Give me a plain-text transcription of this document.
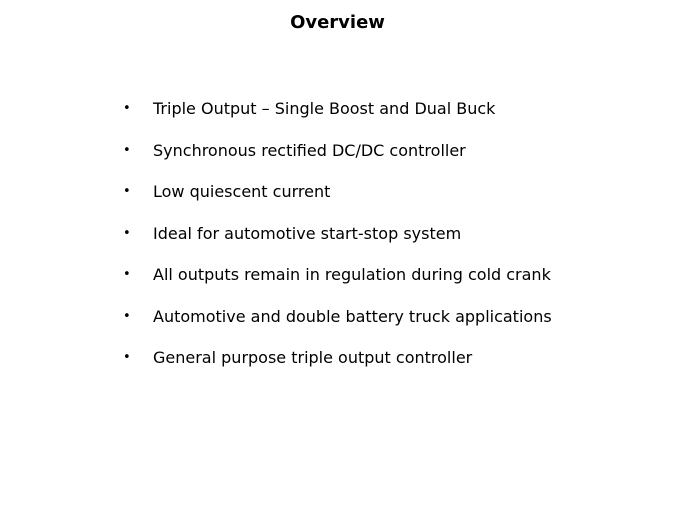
Overview
• Triple Output – Single Boost and Dual Buck
• Synchronous rectified DC/DC controller
• Low quiescent current
• Ideal for automotive start-stop system
• All outputs remain in regulation during cold crank
• Automotive and double battery truck applications
• General purpose triple output controller
